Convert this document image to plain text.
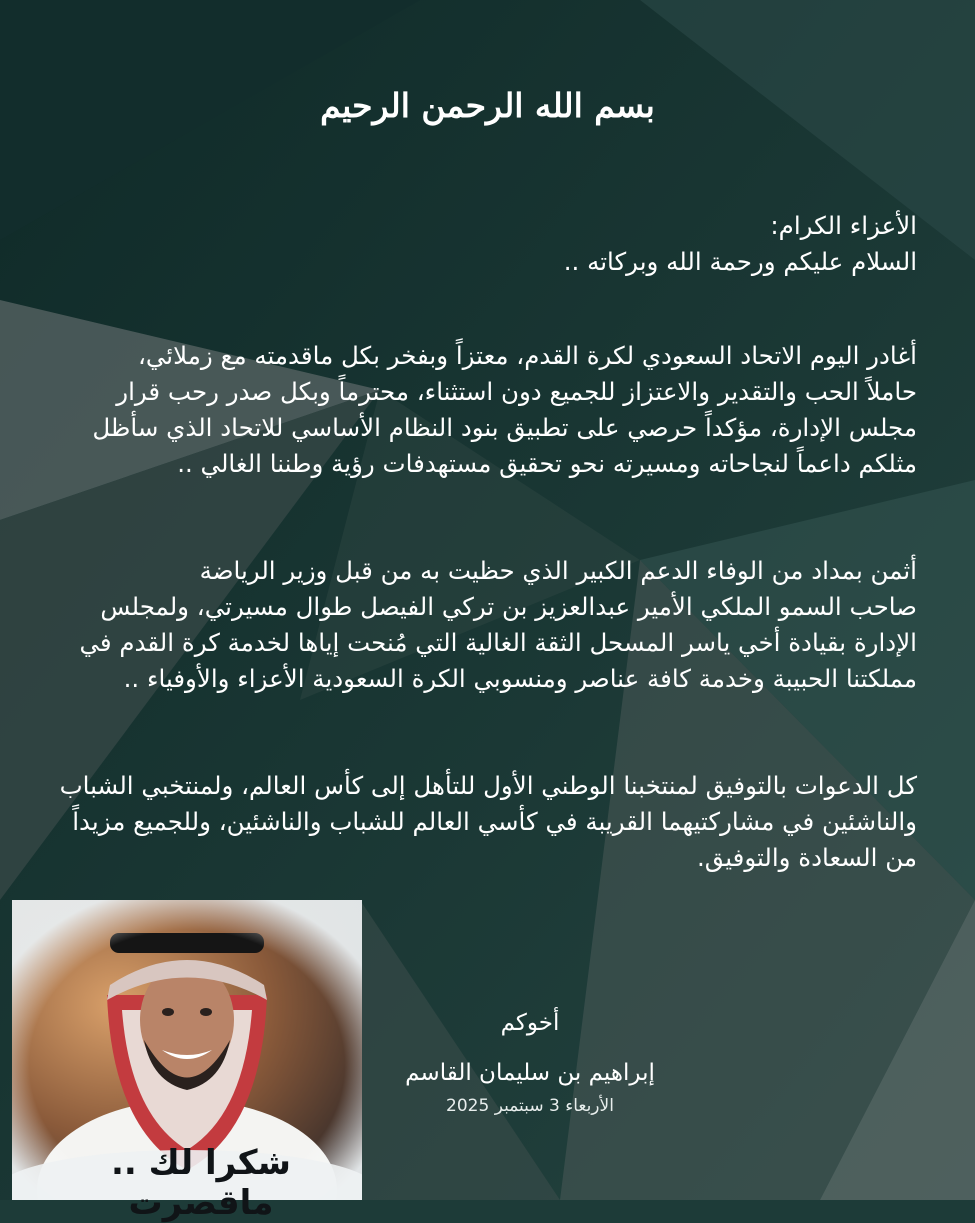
بسم الله الرحمن الرحيم
الأعزاء الكرام:
السلام عليكم ورحمة الله وبركاته ..
أغادر اليوم الاتحاد السعودي لكرة القدم، معتزاً وبفخر بكل ماقدمته مع زملائي،
حاملاً الحب والتقدير والاعتزاز للجميع دون استثناء، محترماً وبكل صدر رحب قرار
مجلس الإدارة، مؤكداً حرصي على تطبيق بنود النظام الأساسي للاتحاد الذي سأظل
مثلكم داعماً لنجاحاته ومسيرته نحو تحقيق مستهدفات رؤية وطننا الغالي ..
أثمن بمداد من الوفاء الدعم الكبير الذي حظيت به من قبل وزير الرياضة
صاحب السمو الملكي الأمير عبدالعزيز بن تركي الفيصل طوال مسيرتي، ولمجلس
الإدارة بقيادة أخي ياسر المسحل الثقة الغالية التي مُنحت إياها لخدمة كرة القدم في
مملكتنا الحبيبة وخدمة كافة عناصر ومنسوبي الكرة السعودية الأعزاء والأوفياء ..
كل الدعوات بالتوفيق لمنتخبنا الوطني الأول للتأهل إلى كأس العالم، ولمنتخبي الشباب
والناشئين في مشاركتيهما القريبة في كأسي العالم للشباب والناشئين، وللجميع مزيداً
من السعادة والتوفيق.
شكرا لك .. ماقصرت
أخوكم
إبراهيم بن سليمان القاسم
الأربعاء 3 سبتمبر 2025
